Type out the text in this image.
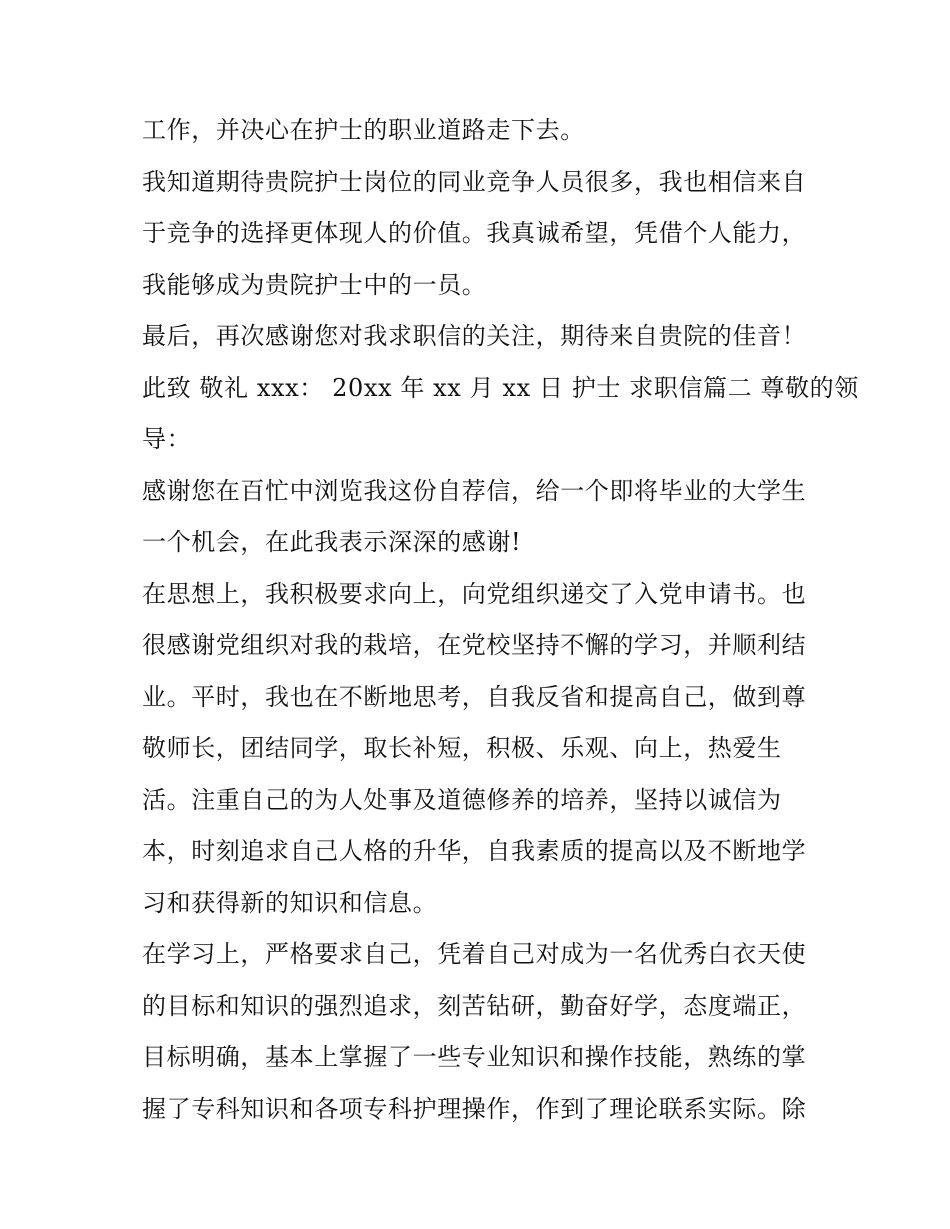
工作，并决心在护士的职业道路走下去。
我知道期待贵院护士岗位的同业竞争人员很多，我也相信来自
于竞争的选择更体现人的价值。我真诚希望，凭借个人能力，
我能够成为贵院护士中的一员。
最后，再次感谢您对我求职信的关注，期待来自贵院的佳音！
此致 敬礼 xxx： 20xx 年 xx 月 xx 日 护士 求职信篇二 尊敬的领
导：
感谢您在百忙中浏览我这份自荐信，给一个即将毕业的大学生
一个机会，在此我表示深深的感谢!
在思想上，我积极要求向上，向党组织递交了入党申请书。也
很感谢党组织对我的栽培，在党校坚持不懈的学习，并顺利结
业。平时，我也在不断地思考，自我反省和提高自己，做到尊
敬师长，团结同学，取长补短，积极、乐观、向上，热爱生
活。注重自己的为人处事及道德修养的培养，坚持以诚信为
本，时刻追求自己人格的升华，自我素质的提高以及不断地学
习和获得新的知识和信息。
在学习上，严格要求自己，凭着自己对成为一名优秀白衣天使
的目标和知识的强烈追求，刻苦钻研，勤奋好学，态度端正，
目标明确，基本上掌握了一些专业知识和操作技能，熟练的掌
握了专科知识和各项专科护理操作，作到了理论联系实际。除
